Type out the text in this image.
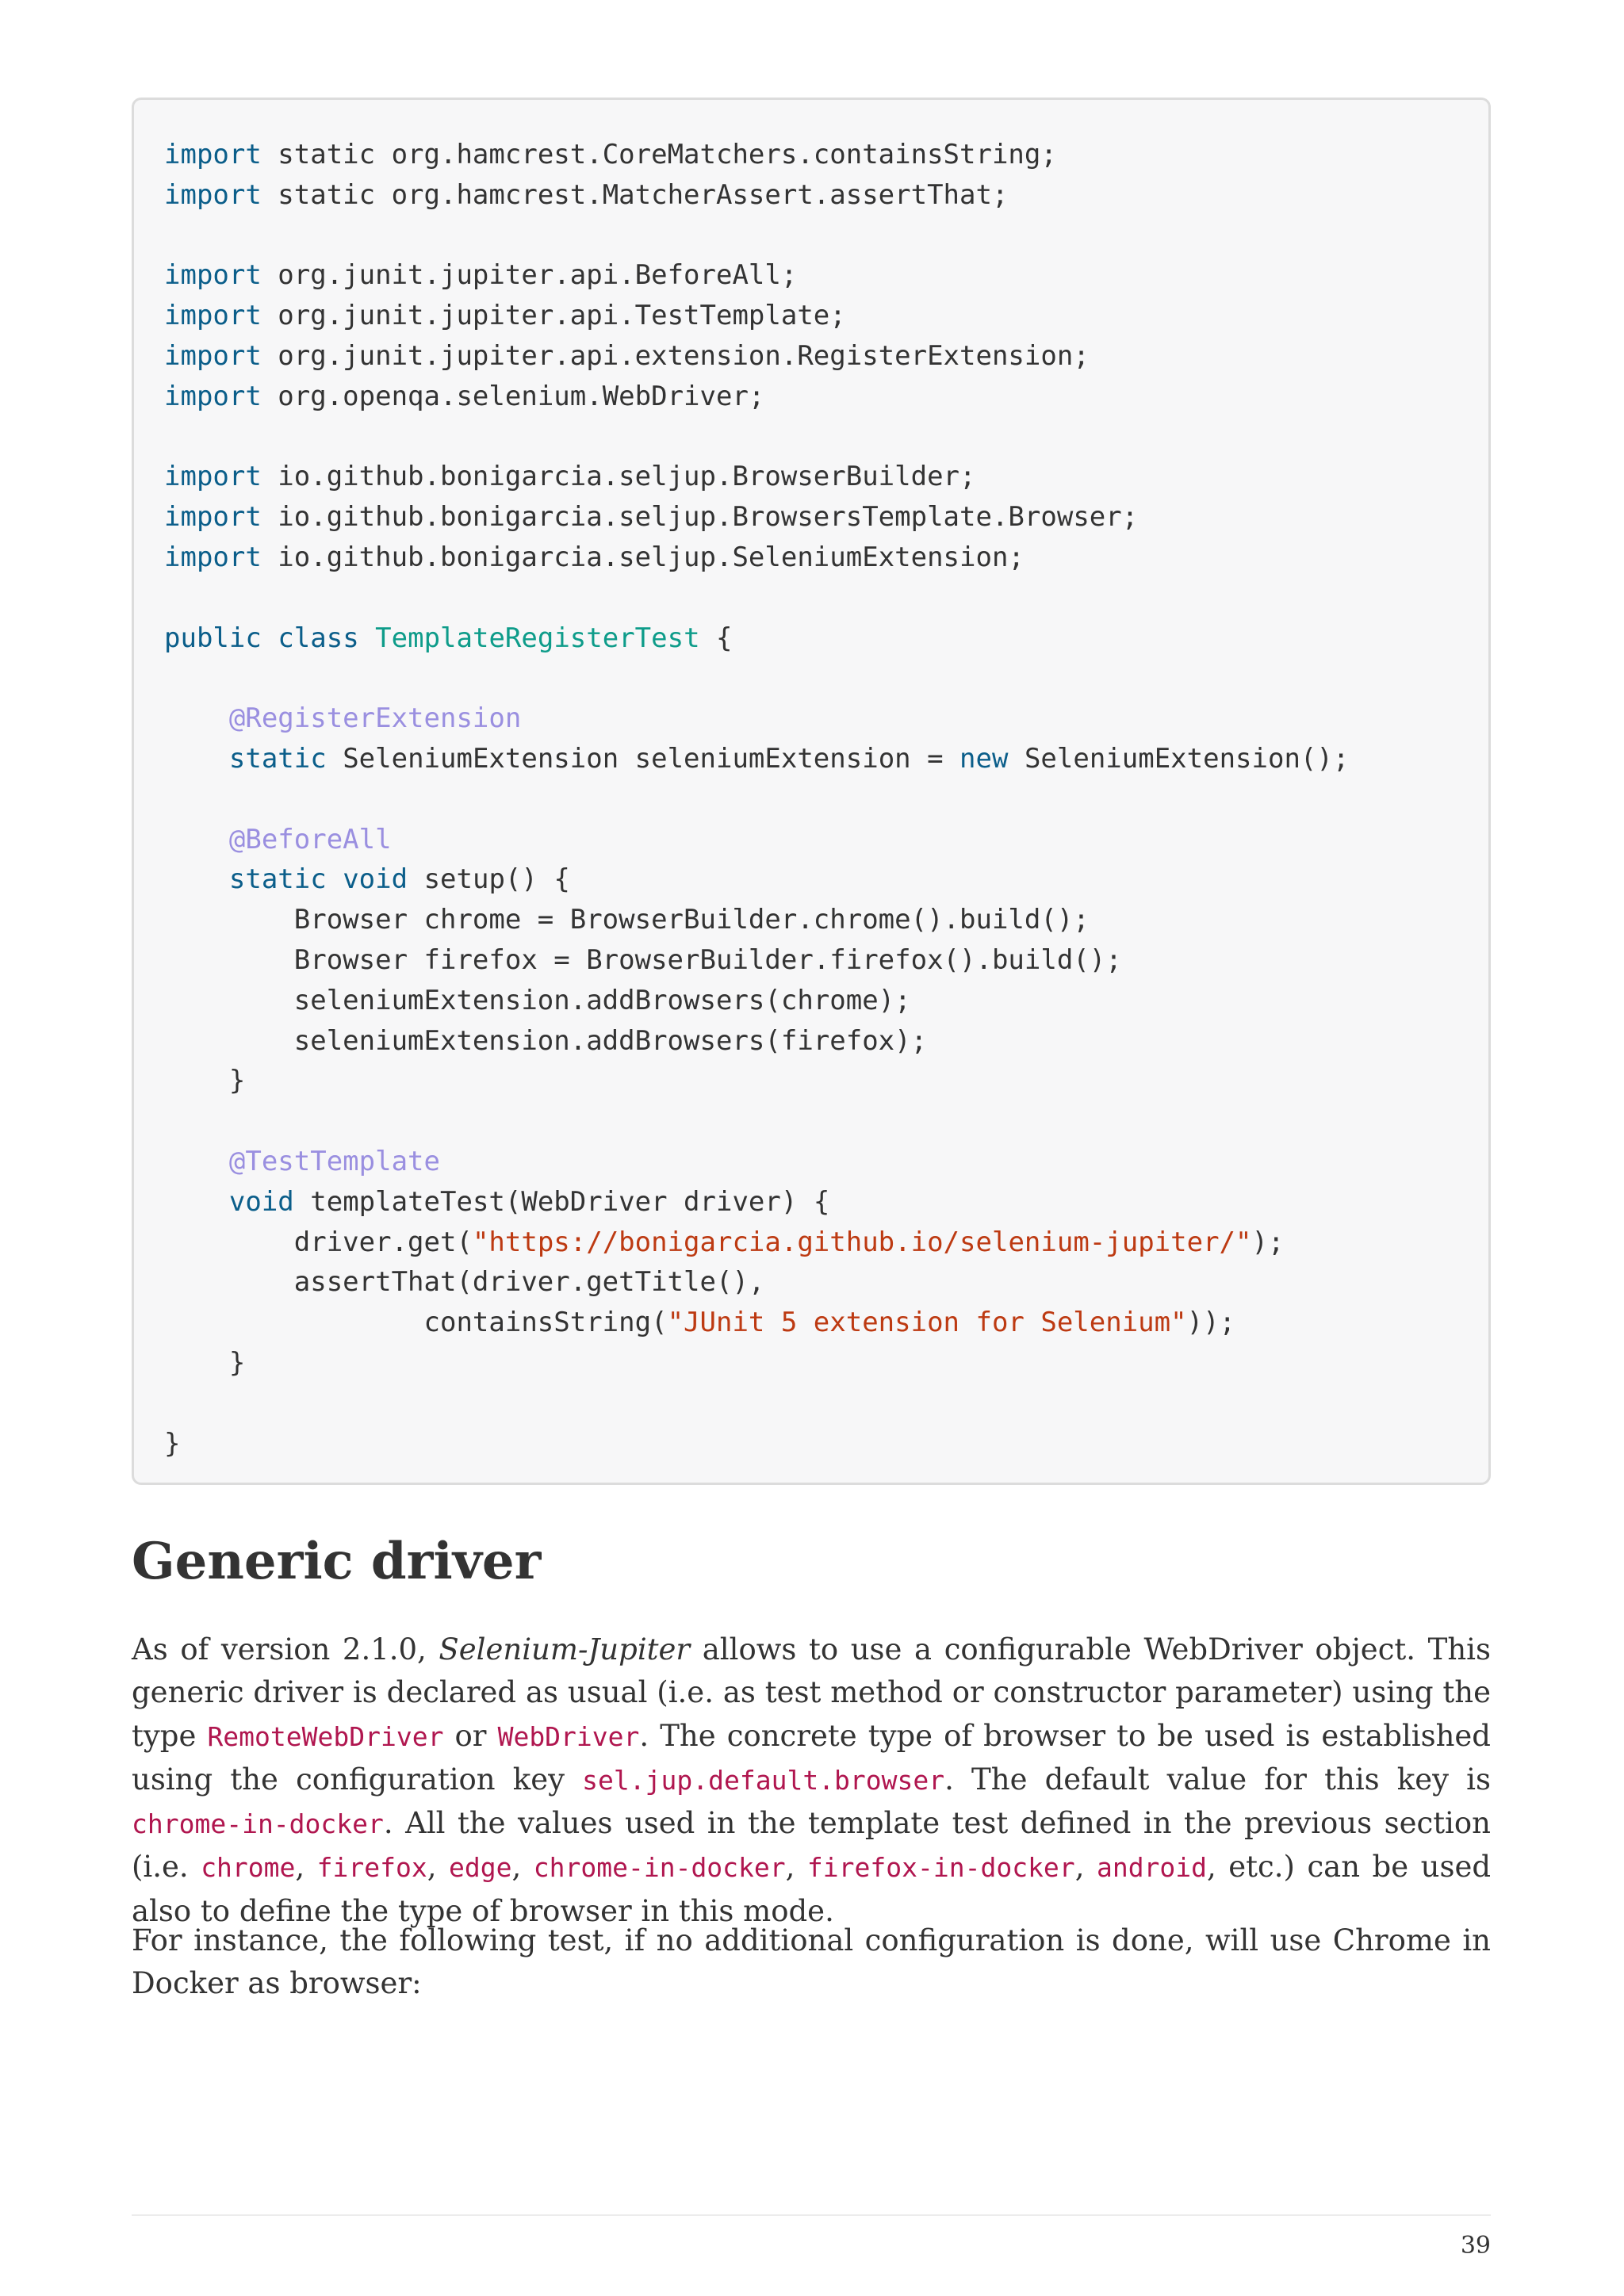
import static org.hamcrest.CoreMatchers.containsString;
import static org.hamcrest.MatcherAssert.assertThat;

import org.junit.jupiter.api.BeforeAll;
import org.junit.jupiter.api.TestTemplate;
import org.junit.jupiter.api.extension.RegisterExtension;
import org.openqa.selenium.WebDriver;

import io.github.bonigarcia.seljup.BrowserBuilder;
import io.github.bonigarcia.seljup.BrowsersTemplate.Browser;
import io.github.bonigarcia.seljup.SeleniumExtension;

public class TemplateRegisterTest {

@RegisterExtension
static SeleniumExtension seleniumExtension = new SeleniumExtension();

@BeforeAll
static void setup() {
Browser chrome = BrowserBuilder.chrome().build();
Browser firefox = BrowserBuilder.firefox().build();
seleniumExtension.addBrowsers(chrome);
seleniumExtension.addBrowsers(firefox);
}

@TestTemplate
void templateTest(WebDriver driver) {
driver.get("https://bonigarcia.github.io/selenium-jupiter/");
assertThat(driver.getTitle(),
containsString("JUnit 5 extension for Selenium"));
}

}
Generic driver

As of version 2.1.0, Selenium-Jupiter allows to use a configurable WebDriver object. This generic driver is declared as usual (i.e. as test method or constructor parameter) using the type RemoteWebDriver or WebDriver. The concrete type of browser to be used is established using the configuration key sel.jup.default.browser. The default value for this key is chrome-in-docker. All the values used in the template test defined in the previous section (i.e. chrome, firefox, edge, chrome-in-docker, firefox-in-docker, android, etc.) can be used also to define the type of browser in this mode.

For instance, the following test, if no additional configuration is done, will use Chrome in Docker as browser:

39
